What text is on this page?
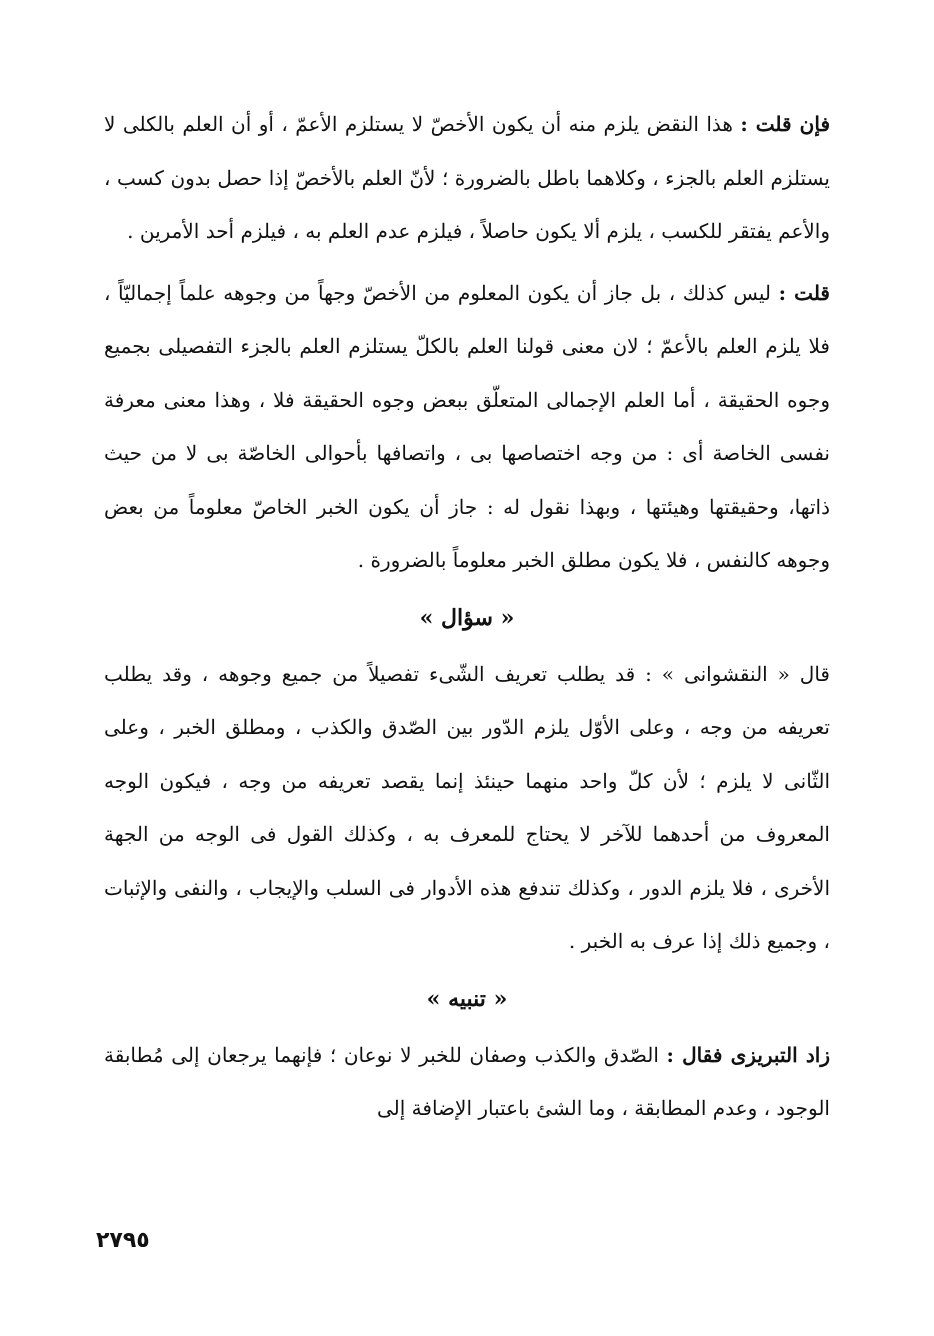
فإن قلت : هذا النقض يلزم منه أن يكون الأخصّ لا يستلزم الأعمّ ، أو أن العلم بالكلى لا يستلزم العلم بالجزء ، وكلاهما باطل بالضرورة ؛ لأنّ العلم بالأخصّ إذا حصل بدون كسب ، والأعم يفتقر للكسب ، يلزم ألا يكون حاصلاً ، فيلزم عدم العلم به ، فيلزم أحد الأمرين .

قلت : ليس كذلك ، بل جاز أن يكون المعلوم من الأخصّ وجهاً من وجوهه علماً إجماليّاً ، فلا يلزم العلم بالأعمّ ؛ لان معنى قولنا العلم بالكلّ يستلزم العلم بالجزء التفصيلى بجميع وجوه الحقيقة ، أما العلم الإجمالى المتعلّق ببعض وجوه الحقيقة فلا ، وهذا معنى معرفة نفسى الخاصة أى : من وجه اختصاصها بى ، واتصافها بأحوالى الخاصّة بى لا من حيث ذاتها، وحقيقتها وهيئتها ، وبهذا نقول له : جاز أن يكون الخبر الخاصّ معلوماً من بعض وجوهه كالنفس ، فلا يكون مطلق الخبر معلوماً بالضرورة .

« سؤال »

قال « النقشوانى » : قد يطلب تعريف الشّىء تفصيلاً من جميع وجوهه ، وقد يطلب تعريفه من وجه ، وعلى الأوّل يلزم الدّور بين الصّدق والكذب ، ومطلق الخبر ، وعلى الثّانى لا يلزم ؛ لأن كلّ واحد منهما حينئذ إنما يقصد تعريفه من وجه ، فيكون الوجه المعروف من أحدهما للآخر لا يحتاج للمعرف به ، وكذلك القول فى الوجه من الجهة الأخرى ، فلا يلزم الدور ، وكذلك تندفع هذه الأدوار فى السلب والإيجاب ، والنفى والإثبات ، وجميع ذلك إذا عرف به الخبر .

« تنبيه »

زاد التبريزى فقال : الصّدق والكذب وصفان للخبر لا نوعان ؛ فإنهما يرجعان إلى مُطابقة الوجود ، وعدم المطابقة ، وما الشئ باعتبار الإضافة إلى

٢٧٩٥
